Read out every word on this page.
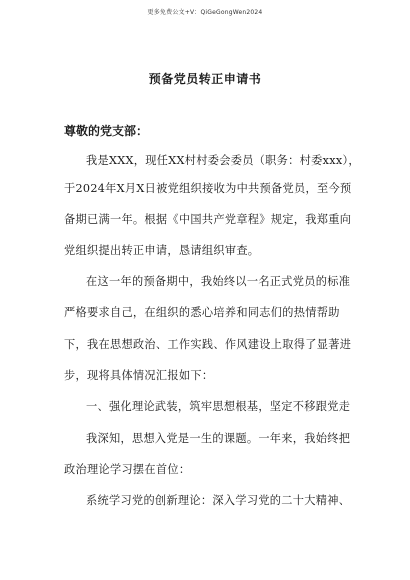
更多免费公文+V：QiGeGongWen2024
预备党员转正申请书
尊敬的党支部：
我是XXX，现任XX村村委会委员（职务：村委xxx），
于2024年X月X日被党组织接收为中共预备党员，至今预
备期已满一年。根据《中国共产党章程》规定，我郑重向
党组织提出转正申请，恳请组织审查。
在这一年的预备期中，我始终以一名正式党员的标准
严格要求自己，在组织的悉心培养和同志们的热情帮助
下，我在思想政治、工作实践、作风建设上取得了显著进
步，现将具体情况汇报如下：
一、强化理论武装，筑牢思想根基，坚定不移跟党走
我深知，思想入党是一生的课题。一年来，我始终把
政治理论学习摆在首位：
系统学习党的创新理论：深入学习党的二十大精神、
